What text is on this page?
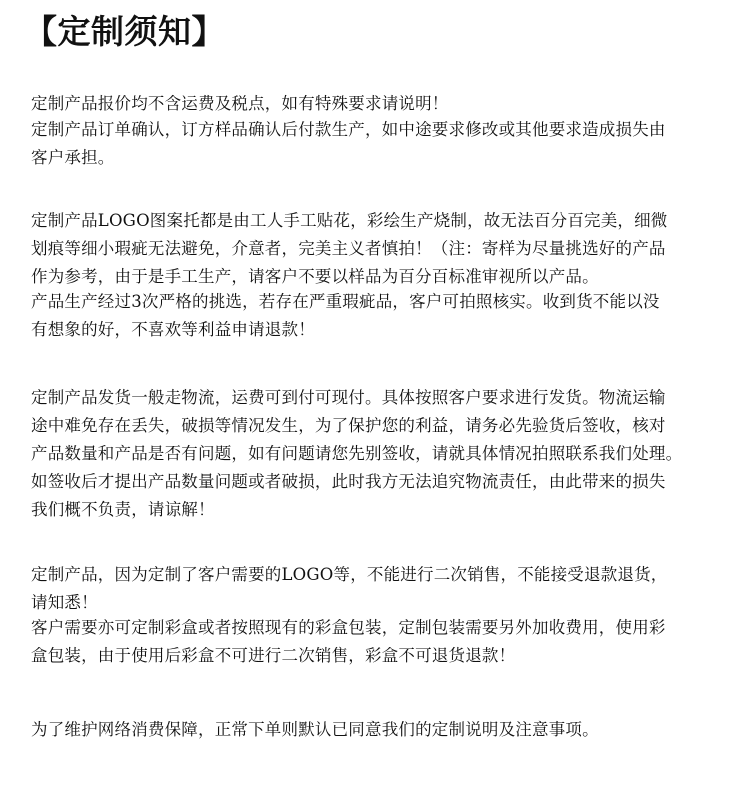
【定制须知】
定制产品报价均不含运费及税点，如有特殊要求请说明！
定制产品订单确认，订方样品确认后付款生产，如中途要求修改或其他要求造成损失由
客户承担。
定制产品LOGO图案托都是由工人手工贴花，彩绘生产烧制，故无法百分百完美，细微
划痕等细小瑕疵无法避免，介意者，完美主义者慎拍！（注：寄样为尽量挑选好的产品
作为参考，由于是手工生产，请客户不要以样品为百分百标准审视所以产品。
产品生产经过3次严格的挑选，若存在严重瑕疵品，客户可拍照核实。收到货不能以没
有想象的好，不喜欢等利益申请退款！
定制产品发货一般走物流，运费可到付可现付。具体按照客户要求进行发货。物流运输
途中难免存在丢失，破损等情况发生，为了保护您的利益，请务必先验货后签收，核对
产品数量和产品是否有问题，如有问题请您先别签收，请就具体情况拍照联系我们处理。
如签收后才提出产品数量问题或者破损，此时我方无法追究物流责任，由此带来的损失
我们概不负责，请谅解！
定制产品，因为定制了客户需要的LOGO等，不能进行二次销售，不能接受退款退货，
请知悉！
客户需要亦可定制彩盒或者按照现有的彩盒包装，定制包装需要另外加收费用，使用彩
盒包装，由于使用后彩盒不可进行二次销售，彩盒不可退货退款！
为了维护网络消费保障，正常下单则默认已同意我们的定制说明及注意事项。
